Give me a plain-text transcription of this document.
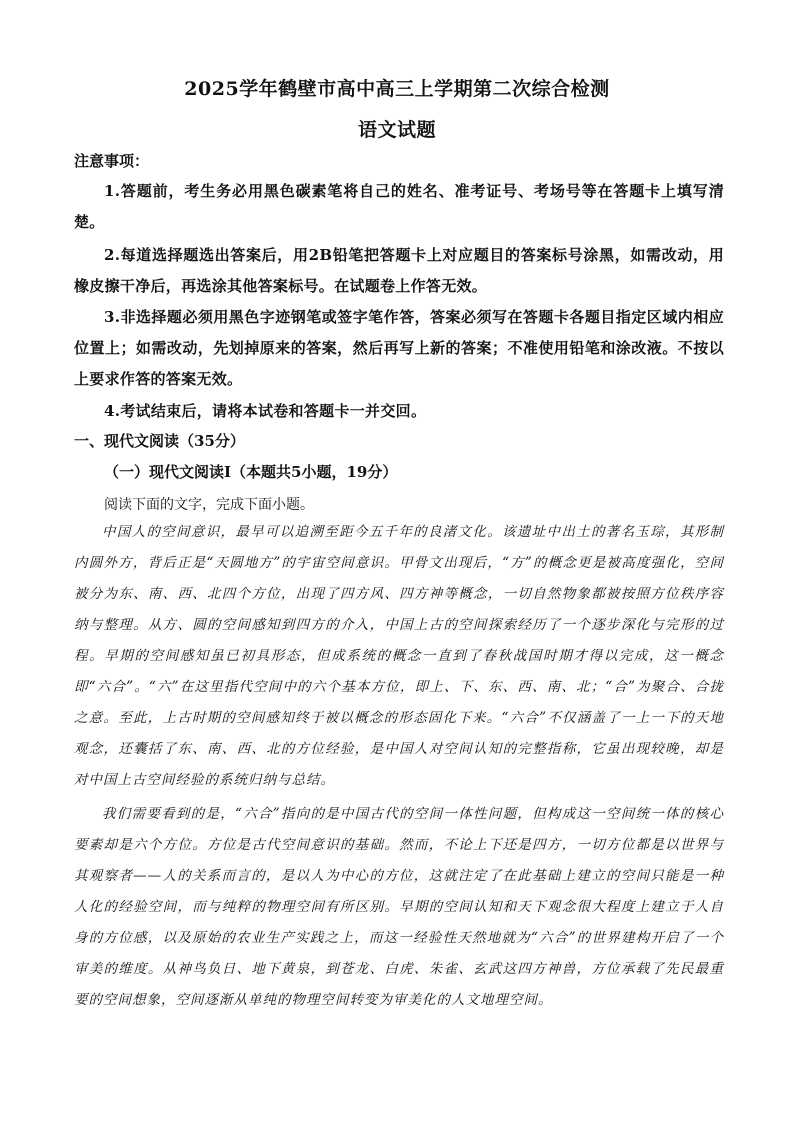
2025学年鹤壁市高中高三上学期第二次综合检测
语文试题
注意事项：
1.答题前，考生务必用黑色碳素笔将自己的姓名、准考证号、考场号等在答题卡上填写清楚。
2.每道选择题选出答案后，用2B铅笔把答题卡上对应题目的答案标号涂黑，如需改动，用橡皮擦干净后，再选涂其他答案标号。在试题卷上作答无效。
3.非选择题必须用黑色字迹钢笔或签字笔作答，答案必须写在答题卡各题目指定区域内相应位置上；如需改动，先划掉原来的答案，然后再写上新的答案；不准使用铅笔和涂改液。不按以上要求作答的答案无效。
4.考试结束后，请将本试卷和答题卡一并交回。
一、现代文阅读（35分）
（一）现代文阅读Ⅰ（本题共5小题，19分）
阅读下面的文字，完成下面小题。
中国人的空间意识，最早可以追溯至距今五千年的良渚文化。该遗址中出土的著名玉琮，其形制内圆外方，背后正是“天圆地方”的宇宙空间意识。甲骨文出现后，“方”的概念更是被高度强化，空间被分为东、南、西、北四个方位，出现了四方风、四方神等概念，一切自然物象都被按照方位秩序容纳与整理。从方、圆的空间感知到四方的介入，中国上古的空间探索经历了一个逐步深化与完形的过程。早期的空间感知虽已初具形态，但成系统的概念一直到了春秋战国时期才得以完成，这一概念即“六合”。“六”在这里指代空间中的六个基本方位，即上、下、东、西、南、北；“合”为聚合、合拢之意。至此，上古时期的空间感知终于被以概念的形态固化下来。“六合”不仅涵盖了一上一下的天地观念，还囊括了东、南、西、北的方位经验，是中国人对空间认知的完整指称，它虽出现较晚，却是对中国上古空间经验的系统归纳与总结。
我们需要看到的是，“六合”指向的是中国古代的空间一体性问题，但构成这一空间统一体的核心要素却是六个方位。方位是古代空间意识的基础。然而，不论上下还是四方，一切方位都是以世界与其观察者——人的关系而言的，是以人为中心的方位，这就注定了在此基础上建立的空间只能是一种人化的经验空间，而与纯粹的物理空间有所区别。早期的空间认知和天下观念很大程度上建立于人自身的方位感，以及原始的农业生产实践之上，而这一经验性天然地就为“六合”的世界建构开启了一个审美的维度。从神鸟负日、地下黄泉，到苍龙、白虎、朱雀、玄武这四方神兽，方位承载了先民最重要的空间想象，空间逐渐从单纯的物理空间转变为审美化的人文地理空间。
